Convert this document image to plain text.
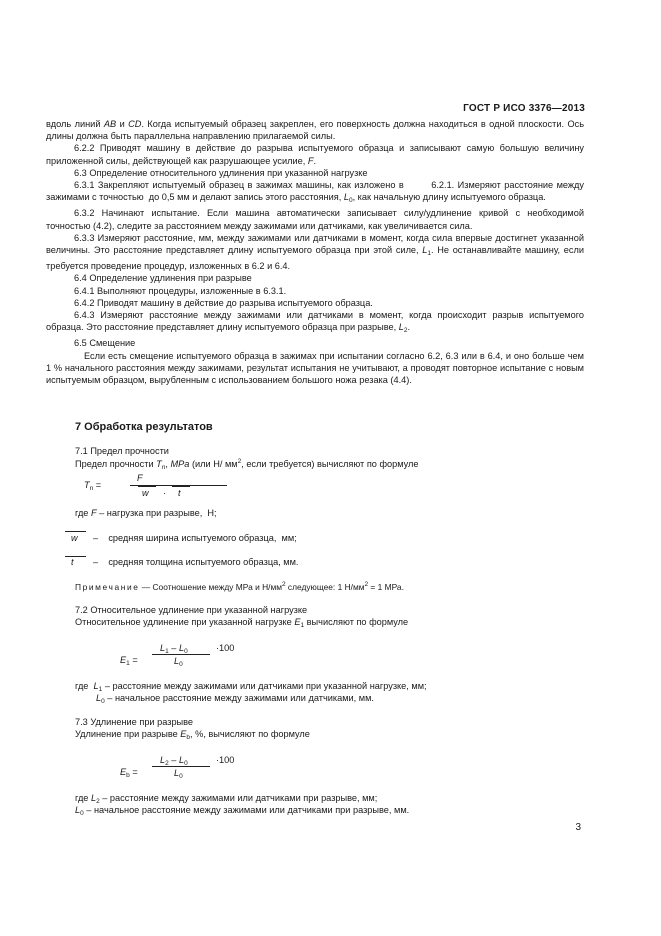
ГОСТ Р ИСО 3376—2013

вдоль линий AB и CD. Когда испытуемый образец закреплен, его поверхность должна находиться в одной плоскости. Ось длины должна быть параллельна направлению прилагаемой силы.

6.2.2 Приводят машину в действие до разрыва испытуемого образца и записывают самую большую величину приложенной силы, действующей как разрушающее усилие, F.

6.3 Определение относительного удлинения при указанной нагрузке

6.3.1 Закрепляют испытуемый образец в зажимах машины, как изложено в        6.2.1. Измеряют расстояние между зажимами с точностью  до 0,5 мм и делают запись этого расстояния, $L_0$, как начальную длину испытуемого образца.

6.3.2 Начинают испытание. Если машина автоматически записывает силу/удлинение кривой с необходимой точностью (4.2), следите за расстоянием между зажимами или датчиками, как увеличивается сила.

6.3.3 Измеряют расстояние, мм, между зажимами или датчиками в момент, когда сила впервые достигнет указанной величины. Это расстояние представляет длину испытуемого образца при этой силе, $L_1$. Не останавливайте машину, если требуется проведение процедур, изложенных в 6.2 и 6.4.

6.4 Определение удлинения при разрыве

6.4.1 Выполняют процедуры, изложенные в 6.3.1.

6.4.2 Приводят машину в действие до разрыва испытуемого образца.

6.4.3 Измеряют расстояние между зажимами или датчиками в момент, когда происходит разрыв испытуемого образца. Это расстояние представляет длину испытуемого образца при разрыве, $L_2$.

6.5 Смещение

Если есть смещение испытуемого образца в зажимах при испытании согласно 6.2, 6.3 или в 6.4, и оно больше чем 1 % начального расстояния между зажимами, результат испытания не учитывают, а проводят повторное испытание с новым испытуемым образцом, вырубленным с использованием большого ножа резака (4.4).

7 Обработка результатов
7.1 Предел прочности
Предел прочности $T_n$, MPa (или Н/ $мм^2$, если требуется) вычисляют по формуле
$T_n$ =
F
w · t
где F – нагрузка при разрыве,  Н;
w –    средняя ширина испытуемого образца,  мм;
t –    средняя толщина испытуемого образца, мм.
Примечание — Соотношение между МРа и $Н/мм^2$ следующее: 1 $Н/мм^2 = 1$ МРа.
7.2 Относительное удлинение при указанной нагрузке
Относительное удлинение при указанной нагрузке $E_1$ вычисляют по формуле
$L_1 - L_0$	·100
$E_1$ =	$L_0$
где  $L_1$ – расстояние между зажимами или датчиками при указанной нагрузке, мм;
$L_0$ – начальное расстояние между зажимами или датчиками, мм.
7.3 Удлинение при разрыве
Удлинение при разрыве $E_b$, %, вычисляют по формуле
$L_2 - L_0$	·100
$E_b$ =	$L_0$
где $L_2$ – расстояние между зажимами или датчиками при разрыве, мм;
$L_0$ – начальное расстояние между зажимами или датчиками при разрыве, мм.
3
